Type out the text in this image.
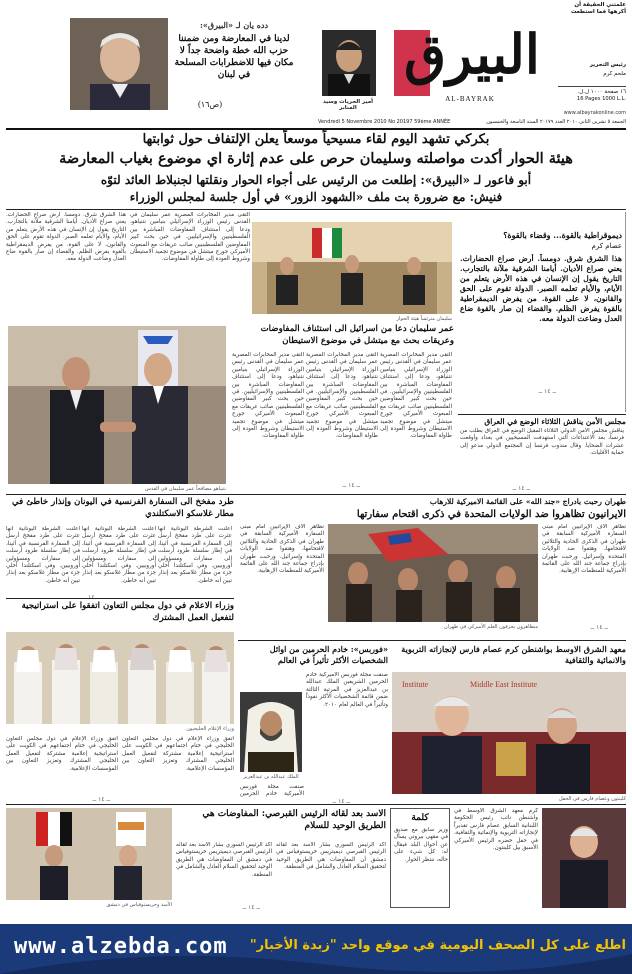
دده يان لـ «البيرق»:
لدينا في المعارضة ومن ضمننا حزب الله خطة واضحة جداً لا مكان فيها للاضطرابات المسلحة في لبنان
(ص١٦)	أمير الحريات وسيد المنابر
البيرق
AL-BAYRAK
علمتني الحقيقة أن أكرهها فما استطعت
رئيس التحرير
ملحم كرم
١٦ صفحة ١٠٠٠ ل.ل.
16 Pages 1000 L.L.
www.albayrakonline.com
Vendredi 5 Novembre 2010 No 20197 59ème ANNÉE	الجمعة ٥ تشرين الثاني ٢٠١٠ العدد ٢٠١٧٩ السنة التاسعة والخمسون
بكركي تشهد اليوم لقاء مسيحياً موسعاً يعلن الإلتفاف حول ثوابتها
هيئة الحوار أكدت مواصلته وسليمان حرص على عدم إثارة اي موضوع بغياب المعارضة
أبو فاعور لـ «البيرق»: إطلعت من الرئيس على أجواء الحوار ونقلتها لجنبلاط العائد لتوّه
فنيش: مع ضرورة بت ملف «الشهود الزور» في أول جلسة لمجلس الوزراء
هذا الشرق شرق. دومساً. أرض صراع الحضارات. يعني صراع الأديان. أيامنا الشرقية ملآنة بالتجارب. التاريخ يقول إن الإنسان في هذه الأرض يتعلم من الأيام، والأيام تعلمه الصبر. الدولة تقوم على الحق والقانون، لا على القوة. من يفرض الديمقراطية بالقوة يفرض الظلم. والقضاء إن صار بالقوة ضاع العدل وضاعت الدولة معه.
التقى مدير المخابرات المصرية عمر سليمان في القدس رئيس الوزراء الإسرائيلي بنيامين نتنياهو، ودعا إلى استئناف المفاوضات المباشرة بين الفلسطينيين والإسرائيليين. في حين بحث كبير المفاوضين الفلسطينيين صائب عريقات مع المبعوث الأميركي جورج ميتشل في موضوع تجميد الاستيطان وشروط العودة إلى طاولة المفاوضات.
سليمان مترئساً هيئة الحوار
ديموقراطية بالقوة... وقضاء بالقوة؟
عصام كرم
هذا الشرق شرق. دومساً. أرض صراع الحضارات. يعني صراع الأديان. أيامنا الشرقية ملآنة بالتجارب. التاريخ يقول إن الإنسان في هذه الأرض يتعلم من الأيام، والأيام تعلمه الصبر. الدولة تقوم على الحق والقانون، لا على القوة. من يفرض الديمقراطية بالقوة يفرض الظلم. والقضاء إن صار بالقوة ضاع العدل وضاعت الدولة معه.
ــ ١٤ ــ
عمر سليمان دعا من اسرائيل الى استئناف المفاوضات وعريقات بحث مع ميتشل في موضوع الاستيطان
نتنياهو مصافحاً عمر سليمان في القدس
التقى مدير المخابرات المصرية عمر سليمان في القدس رئيس الوزراء الإسرائيلي بنيامين نتنياهو، ودعا إلى استئناف المفاوضات المباشرة بين الفلسطينيين والإسرائيليين. في حين بحث كبير المفاوضين الفلسطينيين صائب عريقات مع المبعوث الأميركي جورج ميتشل في موضوع تجميد الاستيطان وشروط العودة إلى طاولة المفاوضات.
التقى مدير المخابرات المصرية عمر سليمان في القدس رئيس الوزراء الإسرائيلي بنيامين نتنياهو، ودعا إلى استئناف المفاوضات المباشرة بين الفلسطينيين والإسرائيليين. في حين بحث كبير المفاوضين الفلسطينيين صائب عريقات مع المبعوث الأميركي جورج ميتشل في موضوع تجميد الاستيطان وشروط العودة إلى طاولة المفاوضات.
التقى مدير المخابرات المصرية عمر سليمان في القدس رئيس الوزراء الإسرائيلي بنيامين نتنياهو، ودعا إلى استئناف المفاوضات المباشرة بين الفلسطينيين والإسرائيليين. في حين بحث كبير المفاوضين الفلسطينيين صائب عريقات مع المبعوث الأميركي جورج ميتشل في موضوع تجميد الاستيطان وشروط العودة إلى طاولة المفاوضات.
ــ ١٤ ــ
مجلس الأمن يناقش الثلاثاء الوضع في العراق
يناقش مجلس الأمن الدولي الثلاثاء المقبل الوضع في العراق بطلب من فرنسا، بعد الاعتداءات التي استهدفت المسيحيين في بغداد وأوقعت عشرات الضحايا. وقال مندوب فرنسا إن المجتمع الدولي مدعو إلى حماية الأقليات.
ــ ١٤ ــ
طرد مفخخ الى السفارة الفرنسية في اليونان وإنذار خاطئ في مطار غلاسكو الاسكتلندي
أعلنت الشرطة اليونانية أنها عثرت على طرد مفخخ أرسل إلى السفارة الفرنسية في أثينا، في إطار سلسلة طرود أرسلت إلى سفارات ومسؤولين أوروبيين. وفي اسكتلندا أخلي جزء من مطار غلاسكو بعد إنذار تبين أنه خاطئ.
أعلنت الشرطة اليونانية أنها عثرت على طرد مفخخ أرسل إلى السفارة الفرنسية في أثينا، في إطار سلسلة طرود أرسلت إلى سفارات ومسؤولين أوروبيين. وفي اسكتلندا أخلي جزء من مطار غلاسكو بعد إنذار تبين أنه خاطئ.
أعلنت الشرطة اليونانية أنها عثرت على طرد مفخخ أرسل إلى السفارة الفرنسية في أثينا، في إطار سلسلة طرود أرسلت إلى سفارات ومسؤولين أوروبيين. وفي اسكتلندا أخلي جزء من مطار غلاسكو بعد إنذار تبين أنه خاطئ.
ــ ١٤ ــ
طهران رحبت بادراج «جند الله» على القائمة الاميركية للارهاب
الايرانيون تظاهروا ضد الولايات المتحدة في ذكرى اقتحام سفارتها
تظاهر آلاف الإيرانيين أمام مبنى السفارة الأميركية السابقة في طهران في الذكرى الحادية والثلاثين لاقتحامها، وهتفوا ضد الولايات المتحدة وإسرائيل. ورحبت طهران بإدراج جماعة جند الله على القائمة الأميركية للمنظمات الإرهابية.
متظاهرون يحرقون العلم الأميركي في طهران
تظاهر آلاف الإيرانيين أمام مبنى السفارة الأميركية السابقة في طهران في الذكرى الحادية والثلاثين لاقتحامها، وهتفوا ضد الولايات المتحدة وإسرائيل. ورحبت طهران بإدراج جماعة جند الله على القائمة الأميركية للمنظمات الإرهابية.
ــ ١٤ ــ
وزراء الاعلام في دول مجلس التعاون اتفقوا على استراتيجية لتفعيل العمل المشترك
وزراء الإعلام الخليجيون
اتفق وزراء الإعلام في دول مجلس التعاون الخليجي في ختام اجتماعهم في الكويت على استراتيجية إعلامية مشتركة لتفعيل العمل الخليجي المشترك وتعزيز التعاون بين المؤسسات الإعلامية.
اتفق وزراء الإعلام في دول مجلس التعاون الخليجي في ختام اجتماعهم في الكويت على استراتيجية إعلامية مشتركة لتفعيل العمل الخليجي المشترك وتعزيز التعاون بين المؤسسات الإعلامية.
ــ ١٤ ــ
«فوربس»: خادم الحرمين من اوائل الشخصيات الأكثر تأثيراً في العالم
الملك عبدالله بن عبدالعزيز
صنفت مجلة فوربس الأميركية خادم الحرمين الشريفين الملك عبدالله بن عبدالعزيز في المرتبة الثالثة ضمن قائمة الشخصيات الأكثر نفوذاً وتأثيراً في العالم لعام ٢٠١٠.
صنفت مجلة فوربس الأميركية خادم الحرمين
ــ ١٤ ــ
معهد الشرق الاوسط بواشنطن كرم عصام فارس لإنجازاته التربوية والانمائية والثقافية
Middle East Institute
Institute
كلينتون وعصام فارس في الحفل
أكد الرئيس السوري بشار الأسد بعد لقائه الرئيس القبرصي ديميتريس خريستوفياس في دمشق أن المفاوضات هي الطريق الوحيد لتحقيق السلام العادل والشامل في المنطقة.
الاسد بعد لقائه الرئيس القبرصي: المفاوضات هي الطريق الوحيد للسلام
الأسد وخريستوفياس في دمشق
أكد الرئيس السوري بشار الأسد بعد لقائه الرئيس القبرصي ديميتريس خريستوفياس في دمشق أن المفاوضات هي الطريق الوحيد لتحقيق السلام العادل والشامل في المنطقة.
ــ ١٤ ــ
كلمة
وزير سابق مع صديق في مقهى بيروتي يسأل عن أحوال البلد فيقال له: كل شيء على حاله، ننتظر الحوار.
كرم معهد الشرق الأوسط في واشنطن نائب رئيس الحكومة اللبنانية السابق عصام فارس تقديراً لإنجازاته التربوية والإنمائية والثقافية، في حفل حضره الرئيس الأميركي الأسبق بيل كلينتون.
www.alzebda.com	اطلع على كل الصحف اليومية في موقع واحد "زبدة الأخبار"
